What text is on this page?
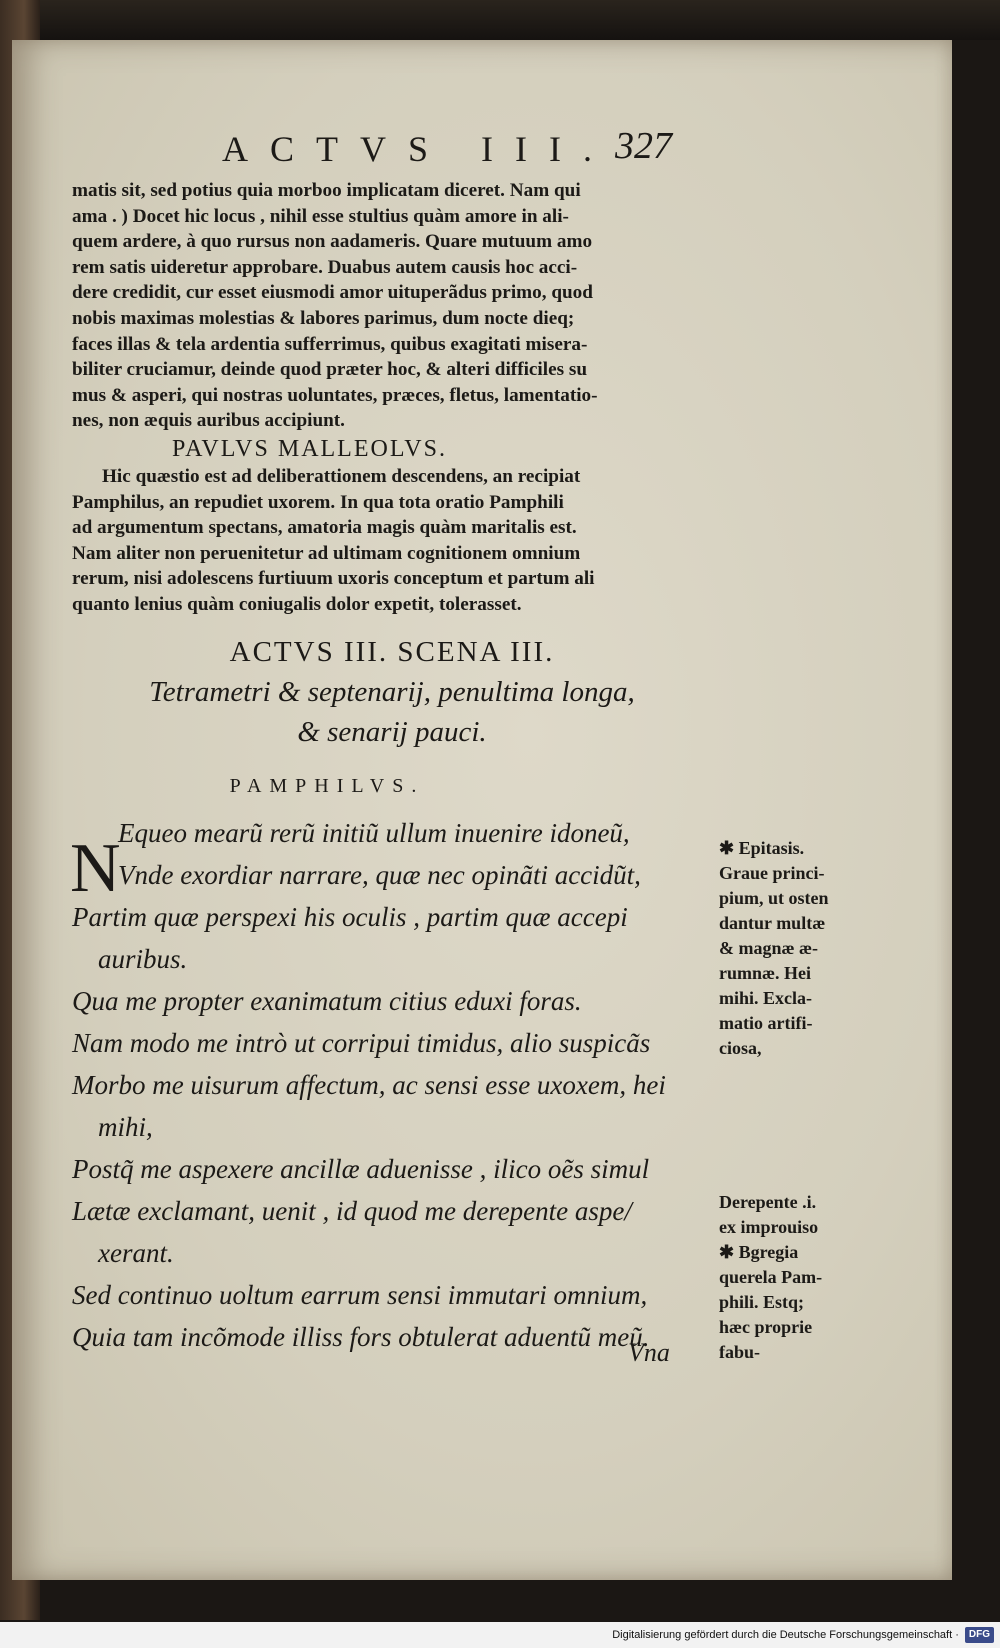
ACTVS III. 327
matis sit, sed potius quia morboo implicatam diceret. Nam qui
ama . ) Docet hic locus , nihil esse stultius quàm amore in ali-
quem ardere, à quo rursus non aadameris. Quare mutuum amo
rem satis uideretur approbare. Duabus autem causis hoc acci-
dere credidit, cur esset eiusmodi amor uituperãdus primo, quod
nobis maximas molestias & labores parimus, dum nocte dieq;
faces illas & tela ardentia sufferrimus, quibus exagitati misera-
biliter cruciamur, deinde quod præter hoc, & alteri difficiles su
mus & asperi, qui nostras uoluntates, præces, fletus, lamentatio-
nes, non æquis auribus accipiunt.
PAVLVS MALLEOLVS.
Hic quæstio est ad deliberattionem descendens, an recipiat
Pamphilus, an repudiet uxorem. In qua tota oratio Pamphili
ad argumentum spectans, amatoria magis quàm maritalis est.
Nam aliter non peruenitetur ad ultimam cognitionem omnium
rerum, nisi adolescens furtiuum uxoris conceptum et partum ali
quanto lenius quàm coniugalis dolor expetit, tolerasset.
ACTVS III. SCENA III.
Tetrametri & septenarij, penultima longa,
& senarij pauci.
PAMPHILVS.
N
Equeo mearũ rerũ initiũ ullum inuenire idoneũ,
Vnde exordiar narrare, quæ nec opinãti accidũt,
Partim quæ perspexi his oculis , partim quæ accepi
auribus.
Qua me propter exanimatum citius eduxi foras.
Nam modo me intrò ut corripui timidus, alio suspicãs
Morbo me uisurum affectum, ac sensi esse uxoxem, hei
mihi,
Postq̃ me aspexere ancillæ aduenisse , ilico oẽs simul
Lætæ exclamant, uenit , id quod me derepente aspe/
xerant.
Sed continuo uoltum earrum sensi immutari omnium,
Quia tam incõmode illiss fors obtulerat aduentũ meũ.
Vna
✱ Epitasis.
Graue princi-
pium, ut osten
dantur multæ
& magnæ æ-
rumnæ. Hei
mihi. Excla-
matio artifi-
ciosa,
Derepente .i.
ex improuiso
✱ Bgregia
querela Pam-
phili. Estq;
hæc proprie
fabu-
Digitalisierung gefördert durch die Deutsche Forschungsgemeinschaft · DFG
